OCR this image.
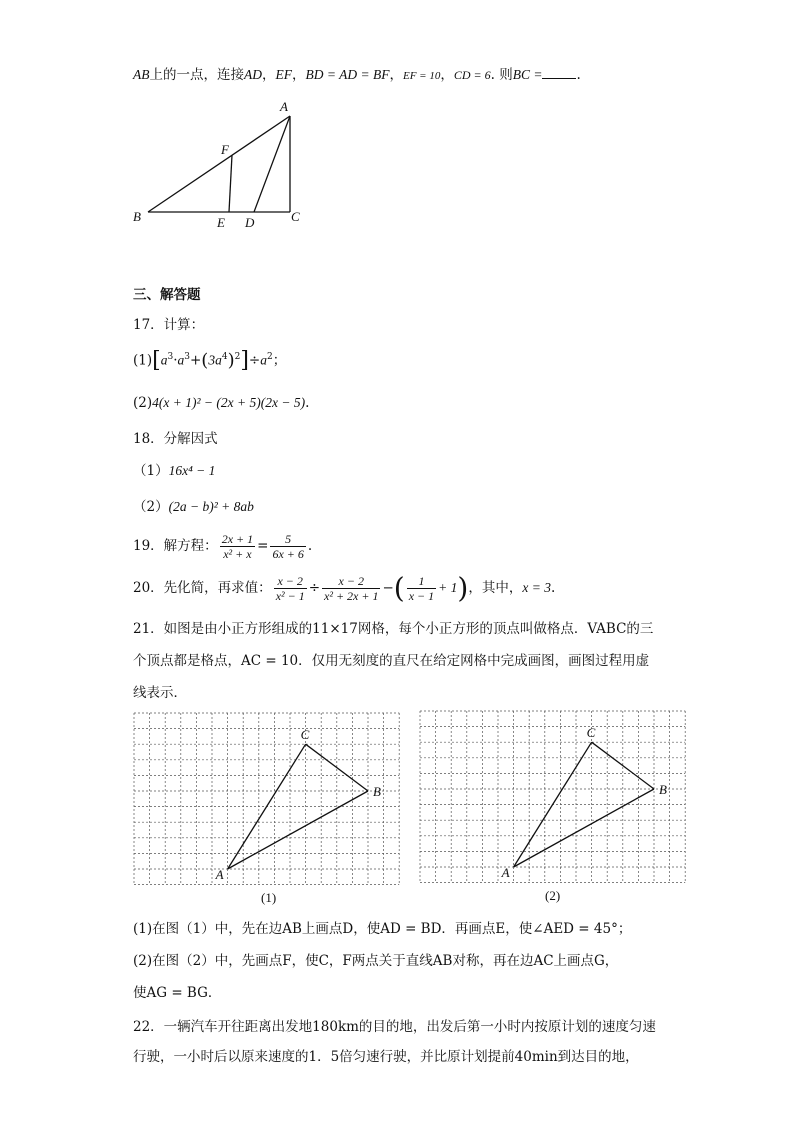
AB上的一点，连接AD，EF，BD = AD = BF，EF = 10，CD = 6. 则BC =	.
A
F
B	E D	C
三、解答题
17．计算：
$(1)[a^3\cdot a^3+(3a^4)^2]\div a^2$；
(2)4(x + 1)² − (2x + 5)(2x − 5).
18．分解因式
（1）16x⁴ − 1
（2）(2a − b)² + 8ab
19．解方程： $\frac{2x + 1}{\text{x² + x}} = \frac{5}{6x + 6}$ .
20．先化简，再求值： $\frac{x - 2}{\text{x² − 1}} \div \frac{x - 2}{\text{x² + 2x + 1}}$ −( $\frac{1}{x - 1} + 1$)，其中，x = 3.
21．如图是由小正方形组成的11×17网格，每个小正方形的顶点叫做格点．VABC的三
个顶点都是格点，AC = 10．仅用无刻度的直尺在给定网格中完成画图，画图过程用虚
线表示．
A
B
C
(1)
A
B
C
(2)
(1)在图（1）中，先在边AB上画点D，使AD = BD．再画点E，使∠AED = 45°；
(2)在图（2）中，先画点F，使C，F两点关于直线AB对称，再在边AC上画点G，
使AG = BG．
22．一辆汽车开往距离出发地180km的目的地，出发后第一小时内按原计划的速度匀速
行驶，一小时后以原来速度的1．5倍匀速行驶，并比原计划提前40min到达目的地，
